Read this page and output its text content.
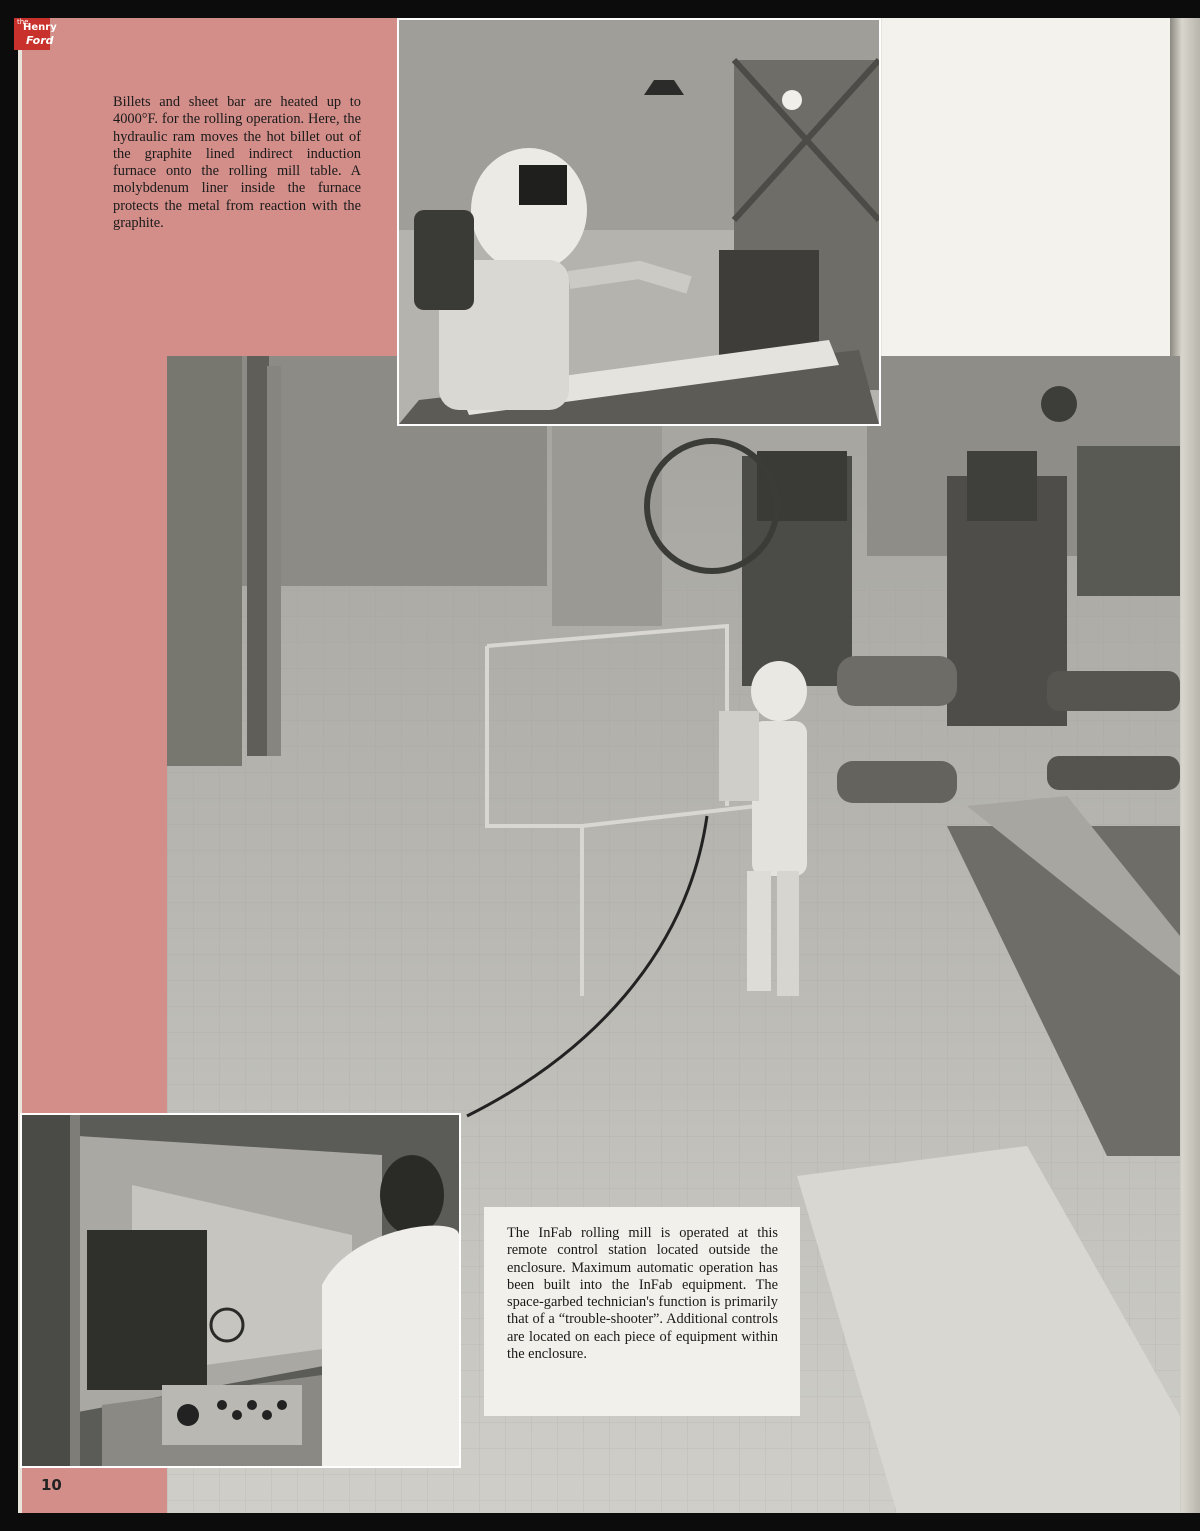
the
Henry
Ford
Billets and sheet bar are heated up to 4000°F. for the rolling operation. Here, the hydraulic ram moves the hot billet out of the graphite lined indirect induction furnace onto the rolling mill table. A molybdenum liner inside the furnace protects the metal from reaction with the graphite.

The InFab rolling mill is operated at this remote control station located outside the enclosure. Maximum automatic operation has been built into the InFab equipment. The space-garbed technician's function is primarily that of a “trouble-shooter”. Additional controls are located on each piece of equipment within the enclosure.

10
